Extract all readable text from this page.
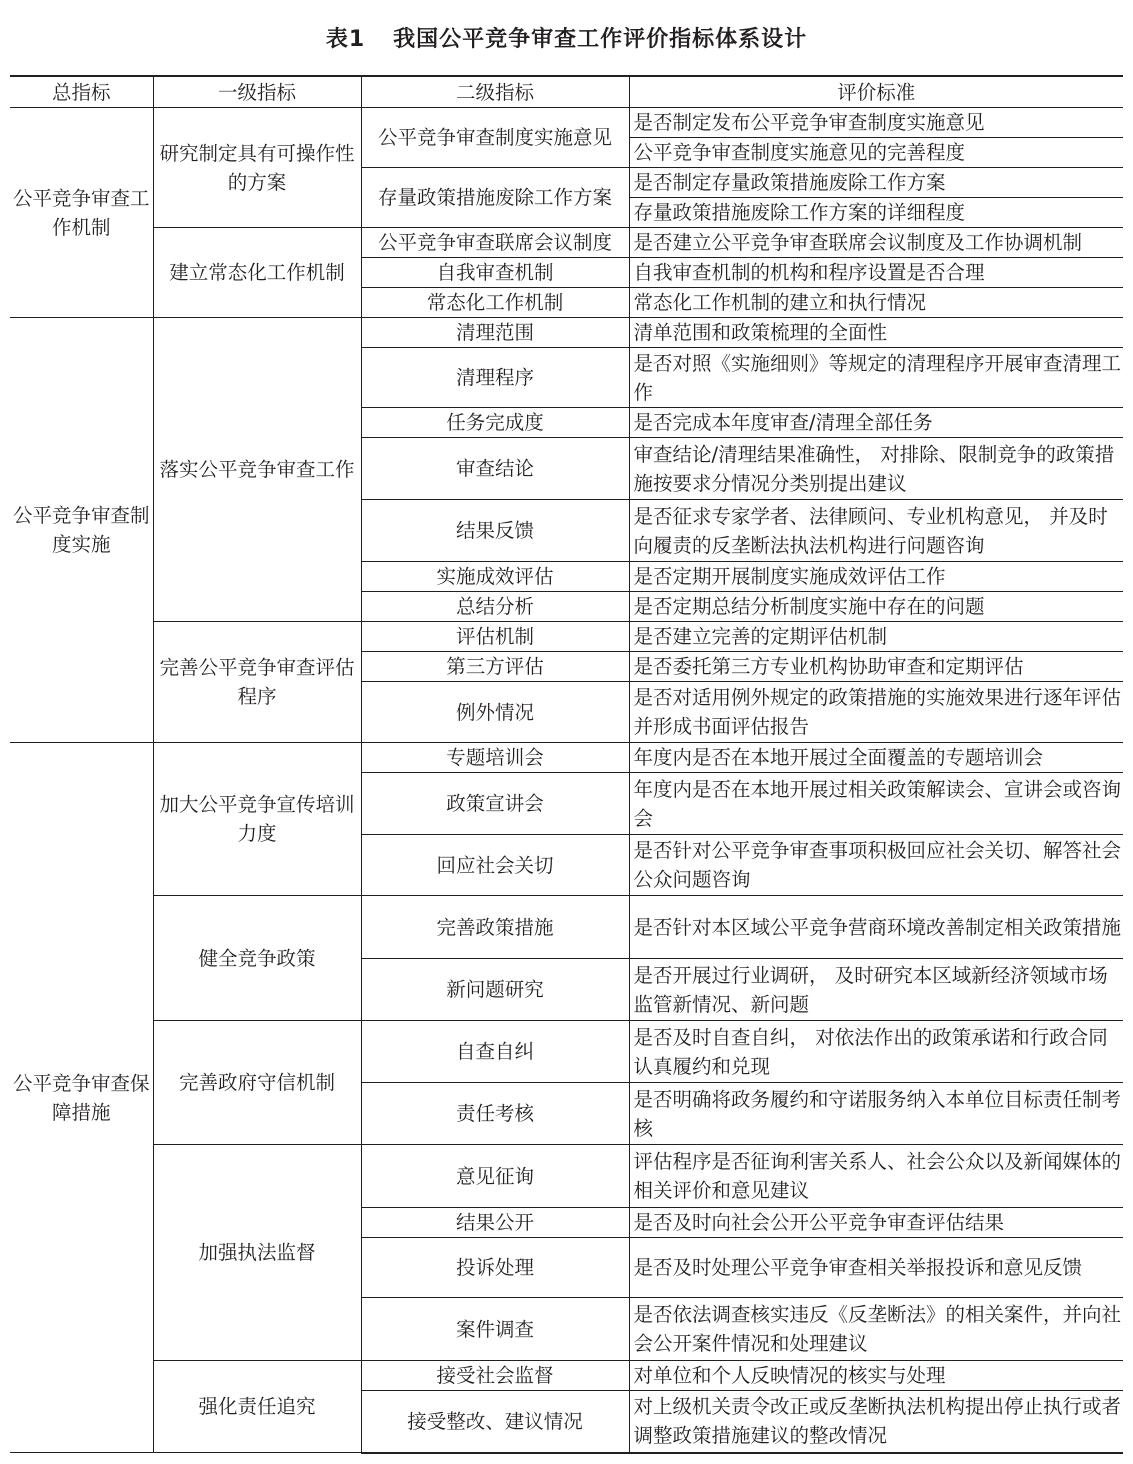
表1 我国公平竞争审查工作评价指标体系设计
总指标	一级指标	二级指标	评价标准
公平竞争审查工作机制	研究制定具有可操作性的方案	公平竞争审查制度实施意见	是否制定发布公平竞争审查制度实施意见
			公平竞争审查制度实施意见的完善程度
		存量政策措施废除工作方案	是否制定存量政策措施废除工作方案
			存量政策措施废除工作方案的详细程度
	建立常态化工作机制	公平竞争审查联席会议制度	是否建立公平竞争审查联席会议制度及工作协调机制
		自我审查机制	自我审查机制的机构和程序设置是否合理
		常态化工作机制	常态化工作机制的建立和执行情况
公平竞争审查制度实施	落实公平竞争审查工作	清理范围	清单范围和政策梳理的全面性
		清理程序	是否对照《实施细则》等规定的清理程序开展审查清理工作
		任务完成度	是否完成本年度审查/清理全部任务
		审查结论	审查结论/清理结果准确性， 对排除、限制竞争的政策措施按要求分情况分类别提出建议
		结果反馈	是否征求专家学者、法律顾问、专业机构意见， 并及时向履责的反垄断法执法机构进行问题咨询
		实施成效评估	是否定期开展制度实施成效评估工作
		总结分析	是否定期总结分析制度实施中存在的问题
	完善公平竞争审查评估程序	评估机制	是否建立完善的定期评估机制
		第三方评估	是否委托第三方专业机构协助审查和定期评估
		例外情况	是否对适用例外规定的政策措施的实施效果进行逐年评估并形成书面评估报告
公平竞争审查保障措施	加大公平竞争宣传培训力度	专题培训会	年度内是否在本地开展过全面覆盖的专题培训会
		政策宣讲会	年度内是否在本地开展过相关政策解读会、宣讲会或咨询会
		回应社会关切	是否针对公平竞争审查事项积极回应社会关切、解答社会公众问题咨询
	健全竞争政策	完善政策措施	是否针对本区域公平竞争营商环境改善制定相关政策措施
		新问题研究	是否开展过行业调研， 及时研究本区域新经济领域市场监管新情况、新问题
	完善政府守信机制	自查自纠	是否及时自查自纠， 对依法作出的政策承诺和行政合同认真履约和兑现
		责任考核	是否明确将政务履约和守诺服务纳入本单位目标责任制考核
	加强执法监督	意见征询	评估程序是否征询利害关系人、社会公众以及新闻媒体的相关评价和意见建议
		结果公开	是否及时向社会公开公平竞争审查评估结果
		投诉处理	是否及时处理公平竞争审查相关举报投诉和意见反馈
		案件调查	是否依法调查核实违反《反垄断法》的相关案件，并向社会公开案件情况和处理建议
	强化责任追究	接受社会监督	对单位和个人反映情况的核实与处理
		接受整改、建议情况	对上级机关责令改正或反垄断执法机构提出停止执行或者调整政策措施建议的整改情况
